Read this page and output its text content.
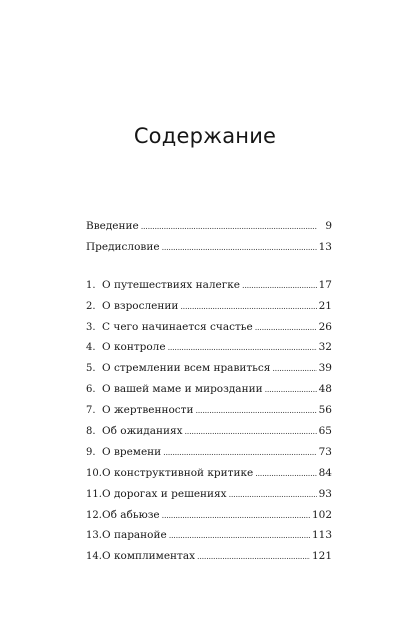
Содержание
Введение . . .	9
Предисловие . . .	13
1. О путешествиях налегке . . .	17
2. О взрослении . . .	21
3. С чего начинается счастье . . .	26
4. О контроле . . .	32
5. О стремлении всем нравиться . . .	39
6. О вашей маме и мироздании . . .	48
7. О жертвенности . . .	56
8. Об ожиданиях . . .	65
9. О времени . . .	73
10. О конструктивной критике . . .	84
11. О дорогах и решениях . . .	93
12. Об абьюзе . . .	102
13. О паранойе . . .	113
14. О комплиментах . . .	121
